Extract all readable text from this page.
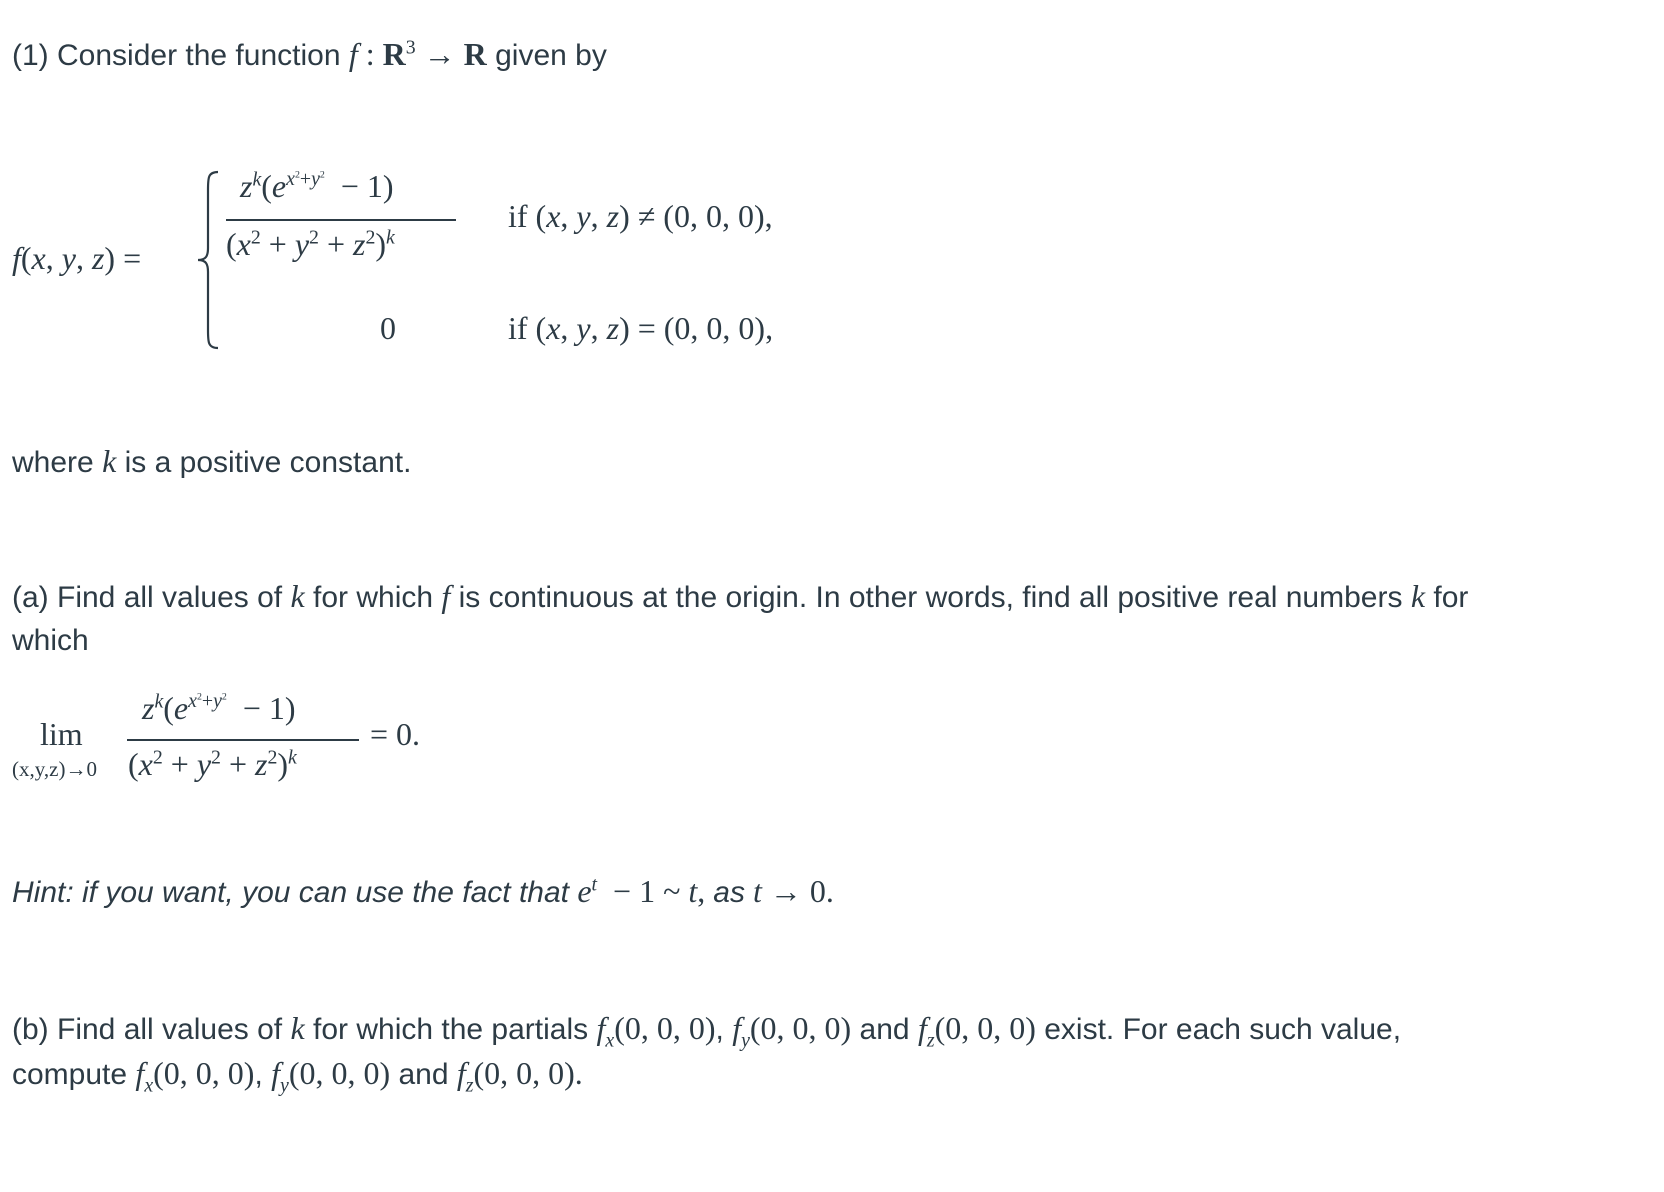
(1) Consider the function f : $R^3 \to R$ given by
f(x, y, z) =
$z^k(e^{x^2+y^2} - 1)$
$(x^2 + y^2 + z^2)^k$
if (x, y, z) ≠ (0, 0, 0),
0	if (x, y, z) = (0, 0, 0),
where k is a positive constant.
(a) Find all values of k for which f is continuous at the origin. In other words, find all positive real numbers k for
which
lim
(x,y,z)→0
$z^k(e^{x^2+y^2} - 1)$
$(x^2 + y^2 + z^2)^k$
= 0.
Hint: if you want, you can use the fact that $e^t - 1$ ~ t, as t → 0.
(b) Find all values of k for which the partials $f_x(0$, 0, 0), $f_y(0$, 0, 0) and $f_z(0$, 0, 0) exist. For each such value,
compute $f_x(0$, 0, 0), $f_y(0$, 0, 0) and $f_z(0$, 0, 0).
